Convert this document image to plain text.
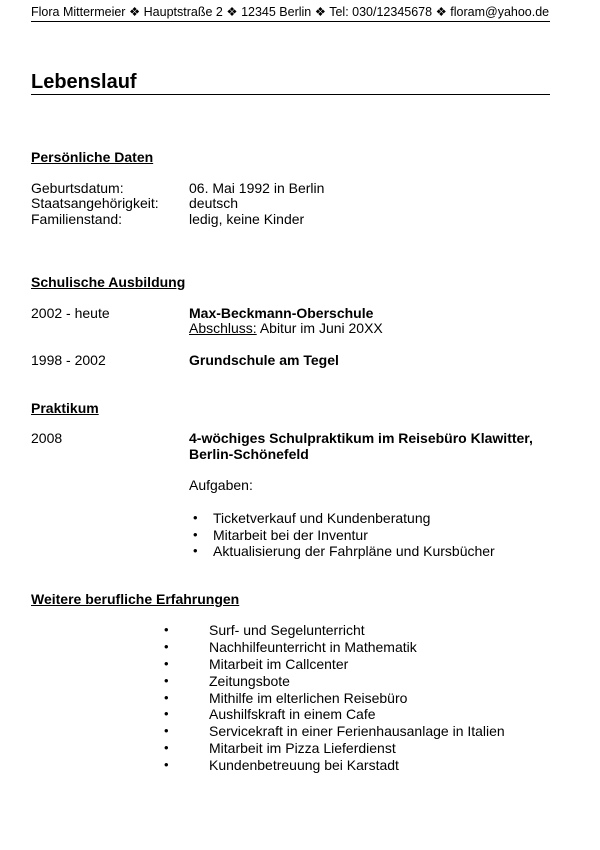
Flora Mittermeier ❖ Hauptstraße 2 ❖ 12345 Berlin ❖ Tel: 030/12345678 ❖ floram@yahoo.de
Lebenslauf
Persönliche Daten
Geburtsdatum:	06. Mai 1992 in Berlin
Staatsangehörigkeit: deutsch
Familienstand:	ledig, keine Kinder
Schulische Ausbildung
2002 - heute	Max-Beckmann-Oberschule
Abschluss: Abitur im Juni 20XX
1998 - 2002	Grundschule am Tegel
Praktikum
2008	4-wöchiges Schulpraktikum im Reisebüro Klawitter,
Berlin-Schönefeld
Aufgaben:
• Ticketverkauf und Kundenberatung
• Mitarbeit bei der Inventur
• Aktualisierung der Fahrpläne und Kursbücher
Weitere berufliche Erfahrungen
•	Surf- und Segelunterricht
•	Nachhilfeunterricht in Mathematik
•	Mitarbeit im Callcenter
•	Zeitungsbote
•	Mithilfe im elterlichen Reisebüro
•	Aushilfskraft in einem Cafe
•	Servicekraft in einer Ferienhausanlage in Italien
•	Mitarbeit im Pizza Lieferdienst
•	Kundenbetreuung bei Karstadt
